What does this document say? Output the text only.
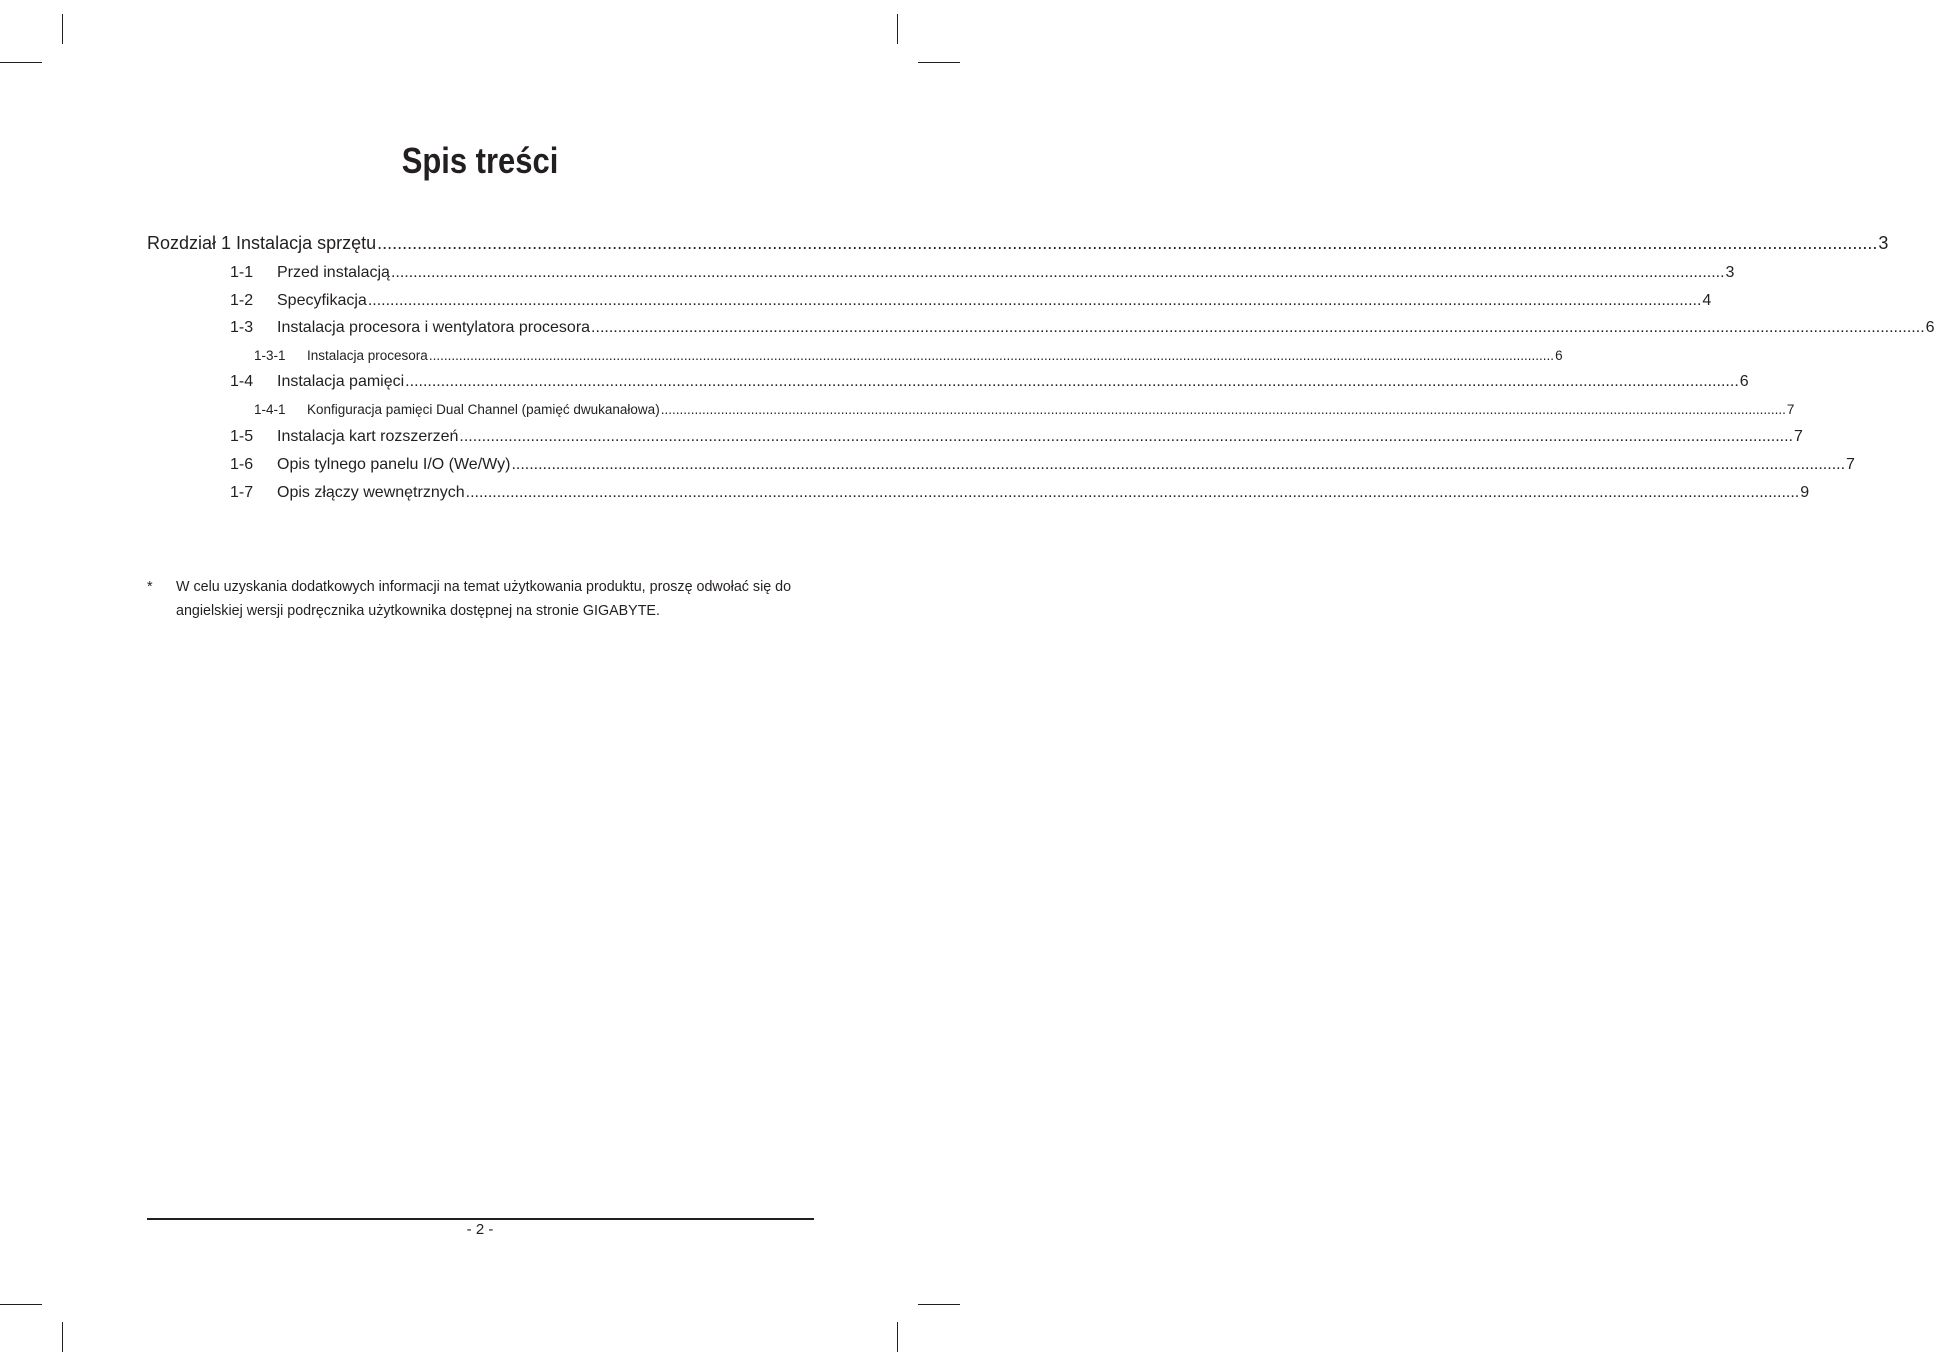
Spis treści
Rozdział 1 Instalacja sprzętu ............................................................................................................................................................................................................................................................................................................ 3
1-1	Przed instalacją ............................................................................................................................................................................................................................................................................................................ 3
1-2	Specyfikacja ............................................................................................................................................................................................................................................................................................................ 4
1-3	Instalacja procesora i wentylatora procesora ............................................................................................................................................................................................................................................................................................................ 6
1-3-1	Instalacja procesora ............................................................................................................................................................................................................................................................................................................ 6
1-4	Instalacja pamięci ............................................................................................................................................................................................................................................................................................................ 6
1-4-1	Konfiguracja pamięci Dual Channel (pamięć dwukanałowa) ............................................................................................................................................................................................................................................................................................................ 7
1-5	Instalacja kart rozszerzeń ............................................................................................................................................................................................................................................................................................................ 7
1-6	Opis tylnego panelu I/O (We/Wy) ............................................................................................................................................................................................................................................................................................................ 7
1-7	Opis złączy wewnętrznych ............................................................................................................................................................................................................................................................................................................ 9
* W celu uzyskania dodatkowych informacji na temat użytkowania produktu, proszę odwołać się do angielskiej wersji podręcznika użytkownika dostępnej na stronie GIGABYTE.
- 2 -
